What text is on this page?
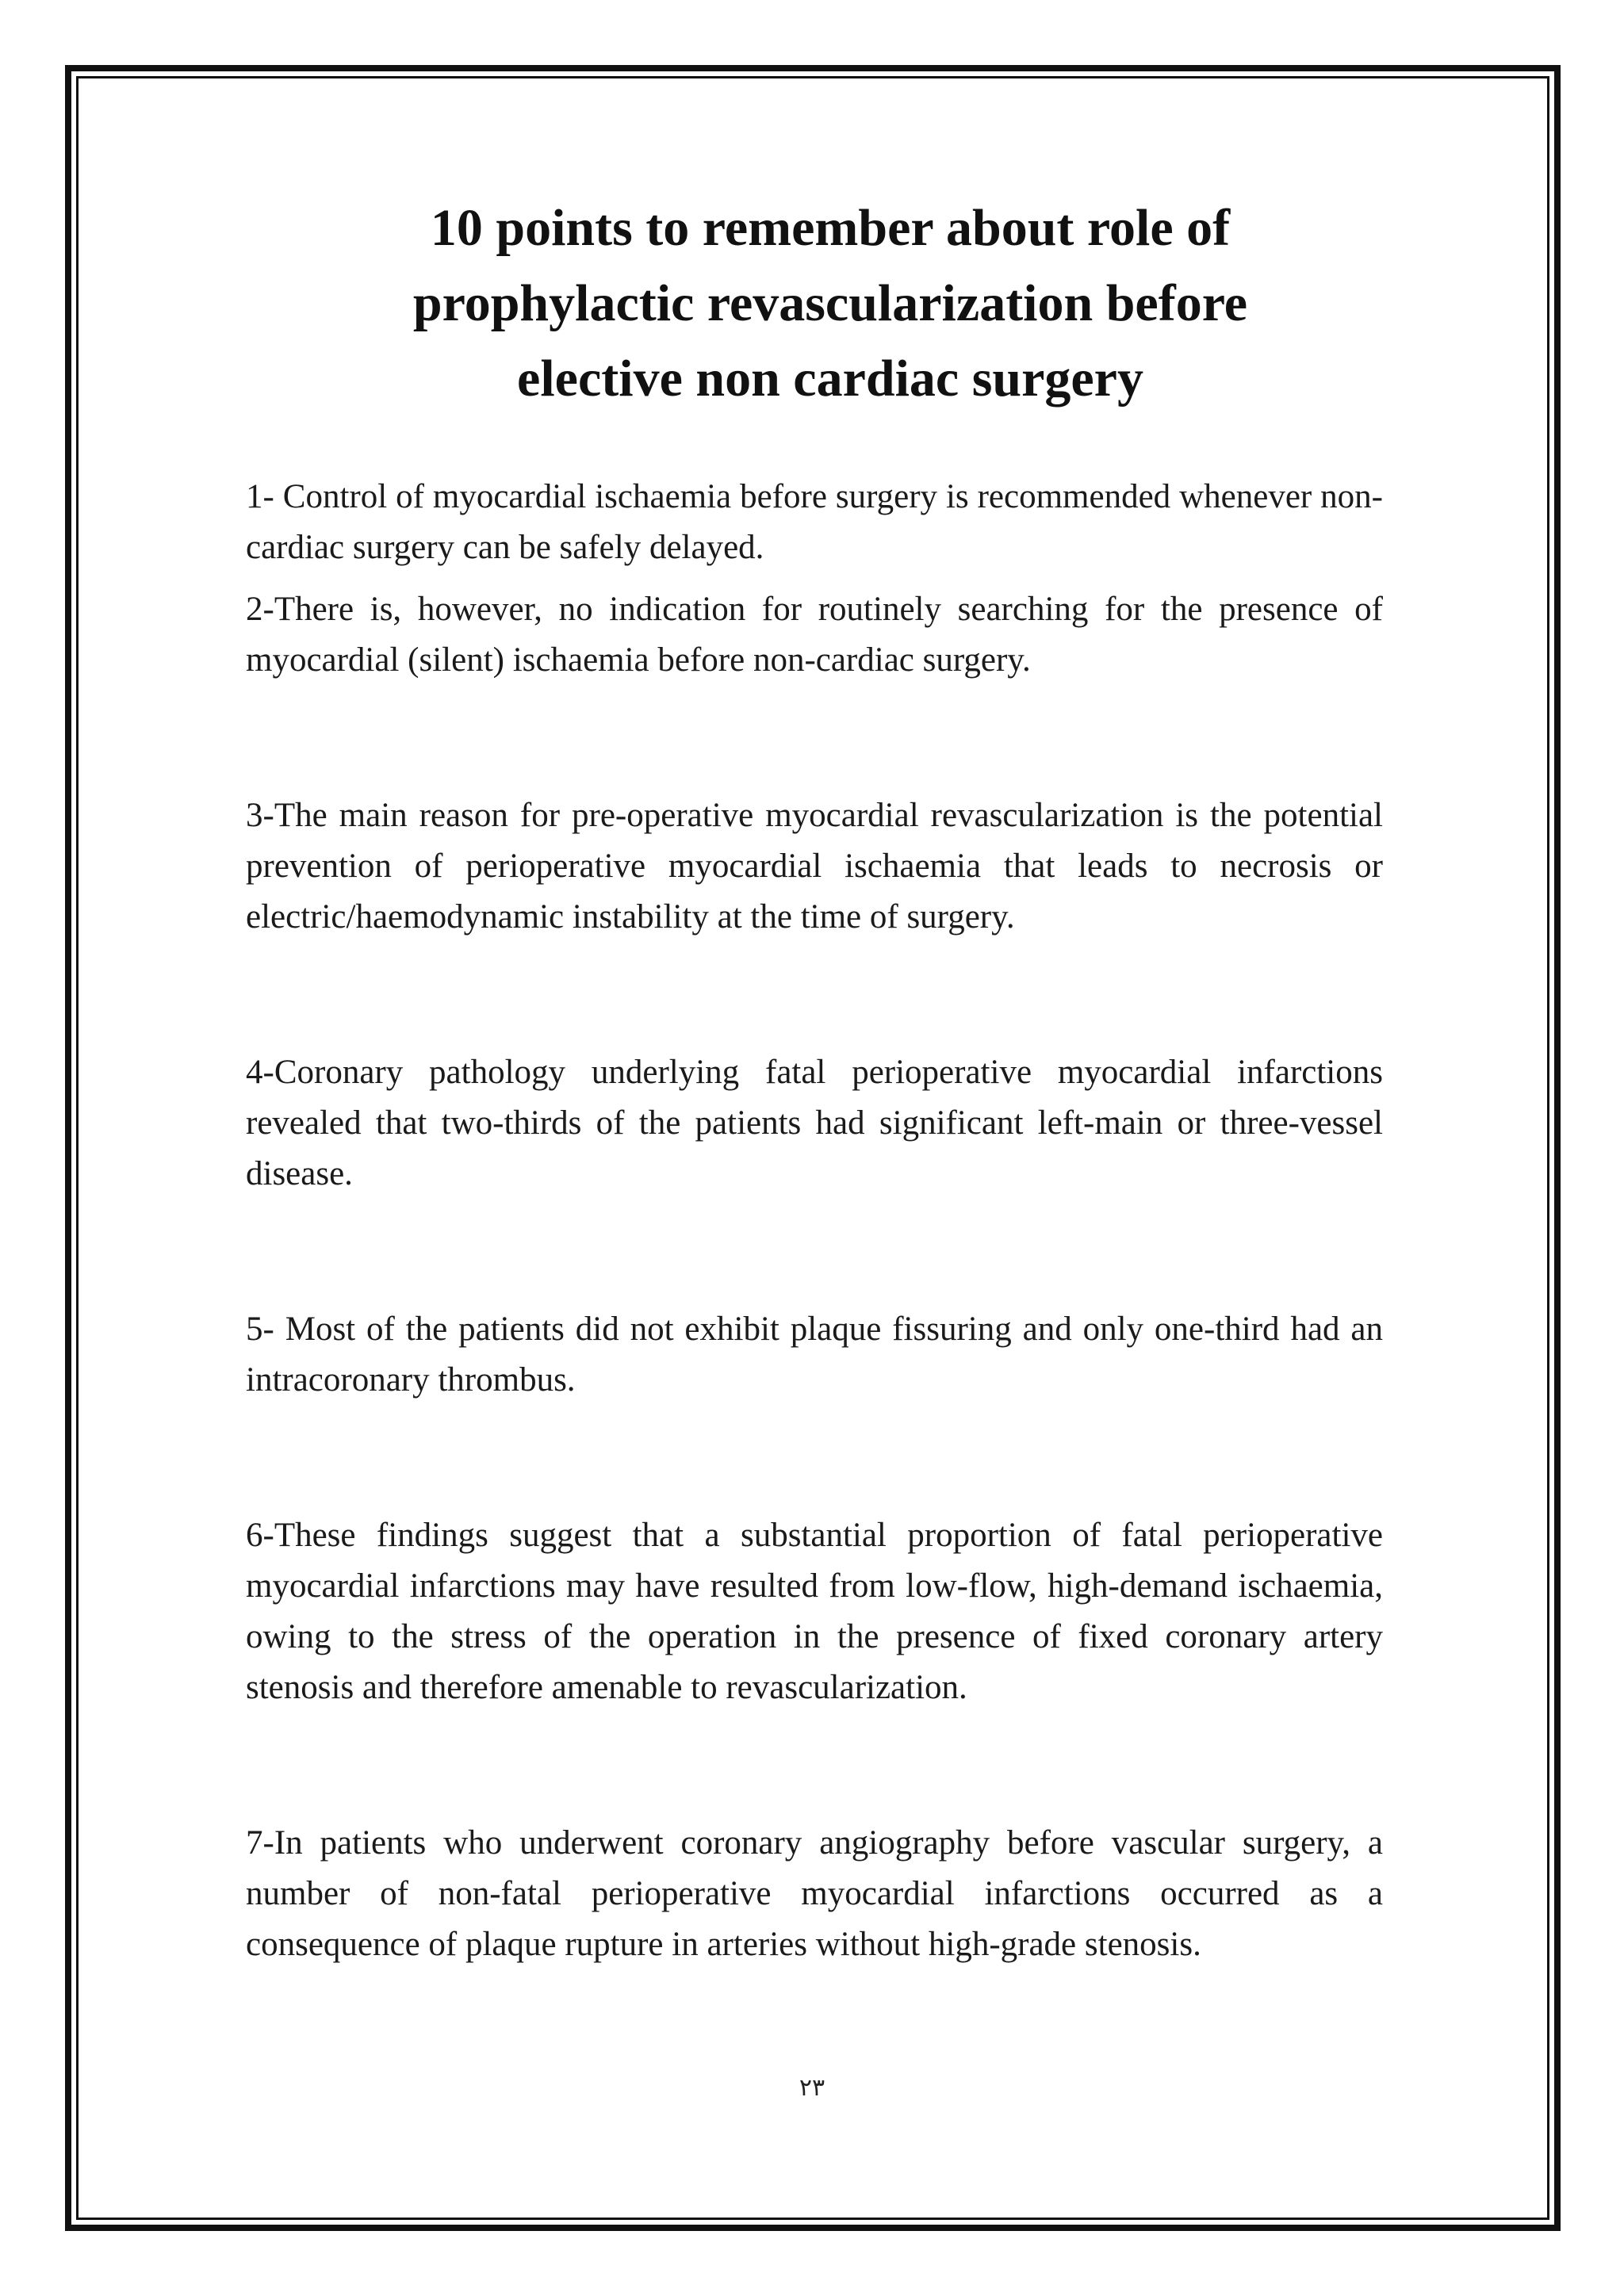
10 points to remember about role of
prophylactic revascularization before
elective non cardiac surgery

1- Control of myocardial ischaemia before surgery is recommended whenever non-cardiac surgery can be safely delayed.

2-There is, however, no indication for routinely searching for the presence of myocardial (silent) ischaemia before non-cardiac surgery.

3-The main reason for pre-operative myocardial revascularization is the potential prevention of perioperative myocardial ischaemia that leads to necrosis or electric/haemodynamic instability at the time of surgery.

4-Coronary pathology underlying fatal perioperative myocardial infarctions revealed that two-thirds of the patients had significant left-main or three-vessel disease.

5- Most of the patients did not exhibit plaque fissuring and only one-third had an intracoronary thrombus.

6-These findings suggest that a substantial proportion of fatal perioperative myocardial infarctions may have resulted from low-flow, high-demand ischaemia, owing to the stress of the operation in the presence of fixed coronary artery stenosis and therefore amenable to revascularization.

7-In patients who underwent coronary angiography before vascular surgery, a number of non-fatal perioperative myocardial infarctions occurred as a consequence of plaque rupture in arteries without high-grade stenosis.

٢٣
